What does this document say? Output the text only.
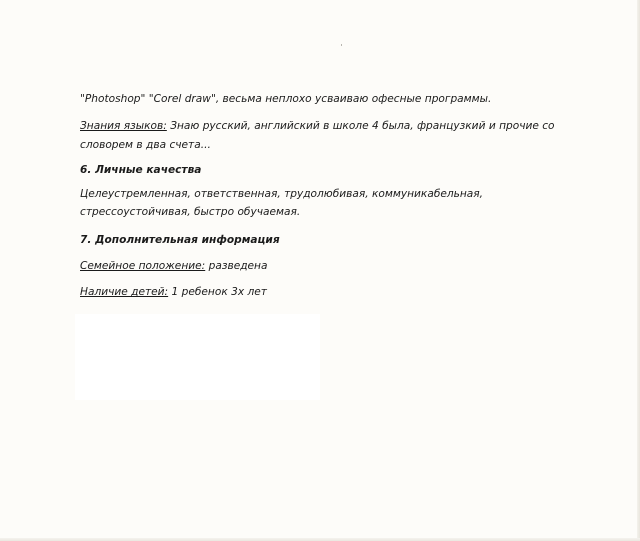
"Photoshop" "Corel draw", весьма неплохо усваиваю офесные программы.
Знания языков: Знаю русский, английский в школе 4 была, французкий и прочие со
словорем в два счета...
6. Личные качества
Целеустремленная, ответственная, трудолюбивая, коммуникабельная,
стрессоустойчивая, быстро обучаемая.
7. Дополнительная информация
Семейное положение: разведена
Наличие детей: 1 ребенок 3х лет
